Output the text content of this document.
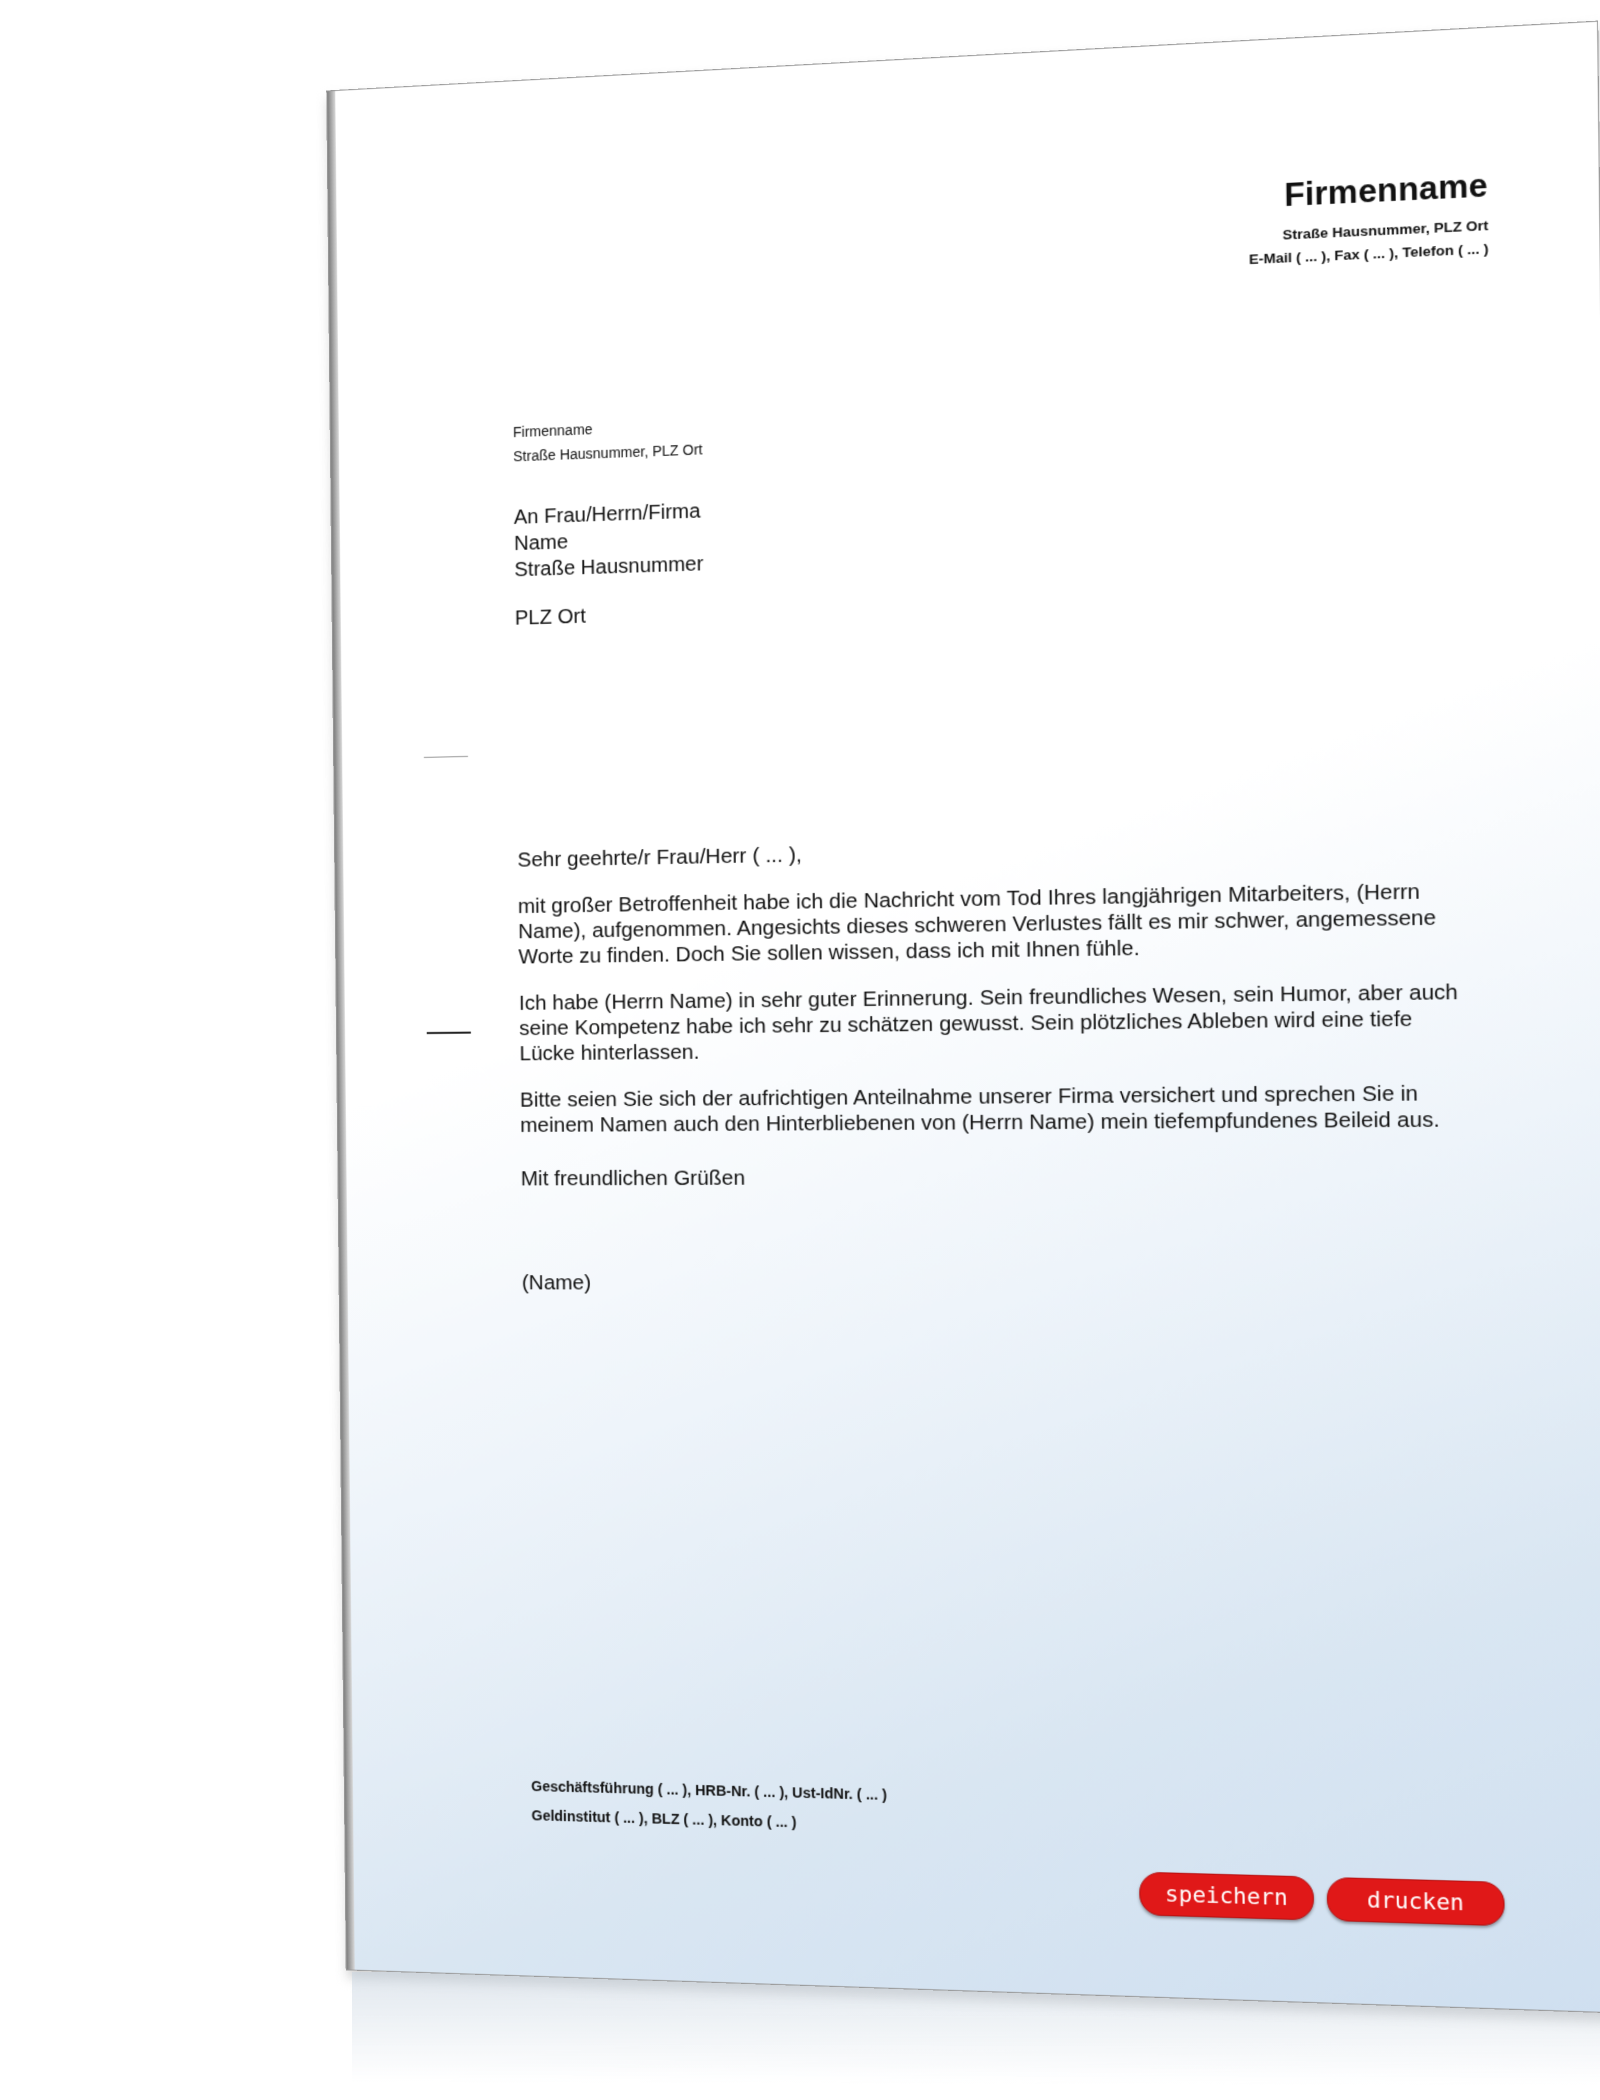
Firmenname
Straße Hausnummer, PLZ Ort
E-Mail ( ... ), Fax ( ... ), Telefon ( ... )
Firmenname
Straße Hausnummer, PLZ Ort
An Frau/Herrn/Firma
Name
Straße Hausnummer
PLZ Ort

Sehr geehrte/r Frau/Herr ( ... ),

mit großer Betroffenheit habe ich die Nachricht vom Tod Ihres langjährigen Mitarbeiters, (Herrn Name), aufgenommen. Angesichts dieses schweren Verlustes fällt es mir schwer, angemessene Worte zu finden. Doch Sie sollen wissen, dass ich mit Ihnen fühle.

Ich habe (Herrn Name) in sehr guter Erinnerung. Sein freundliches Wesen, sein Humor, aber auch seine Kompetenz habe ich sehr zu schätzen gewusst. Sein plötzliches Ableben wird eine tiefe Lücke hinterlassen.

Bitte seien Sie sich der aufrichtigen Anteilnahme unserer Firma versichert und sprechen Sie in meinem Namen auch den Hinterbliebenen von (Herrn Name) mein tiefempfundenes Beileid aus.

Mit freundlichen Grüßen

(Name)

Geschäftsführung ( ... ), HRB-Nr. ( ... ), Ust-IdNr. ( ... )
Geldinstitut ( ... ), BLZ ( ... ), Konto ( ... )
speichern	drucken
